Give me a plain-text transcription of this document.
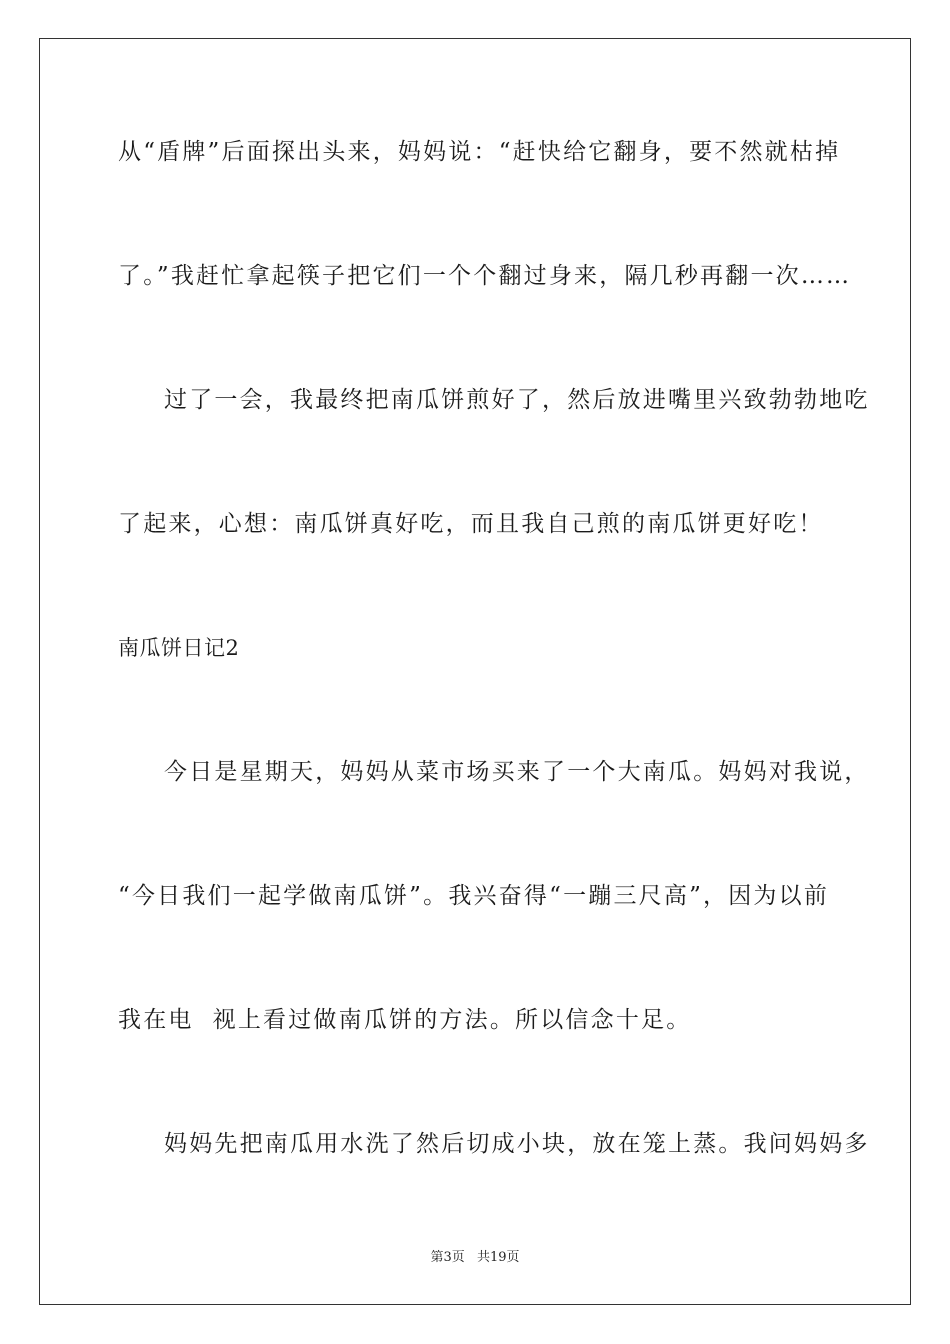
从“盾牌”后面探出头来，妈妈说：“赶快给它翻身，要不然就枯掉
了。”我赶忙拿起筷子把它们一个个翻过身来，隔几秒再翻一次……
过了一会，我最终把南瓜饼煎好了，然后放进嘴里兴致勃勃地吃
了起来，心想：南瓜饼真好吃，而且我自己煎的南瓜饼更好吃！
南瓜饼日记2
今日是星期天，妈妈从菜市场买来了一个大南瓜。妈妈对我说，
“今日我们一起学做南瓜饼”。我兴奋得“一蹦三尺高”，因为以前
我在电  视上看过做南瓜饼的方法。所以信念十足。
妈妈先把南瓜用水洗了然后切成小块，放在笼上蒸。我问妈妈多
第3页 共19页
